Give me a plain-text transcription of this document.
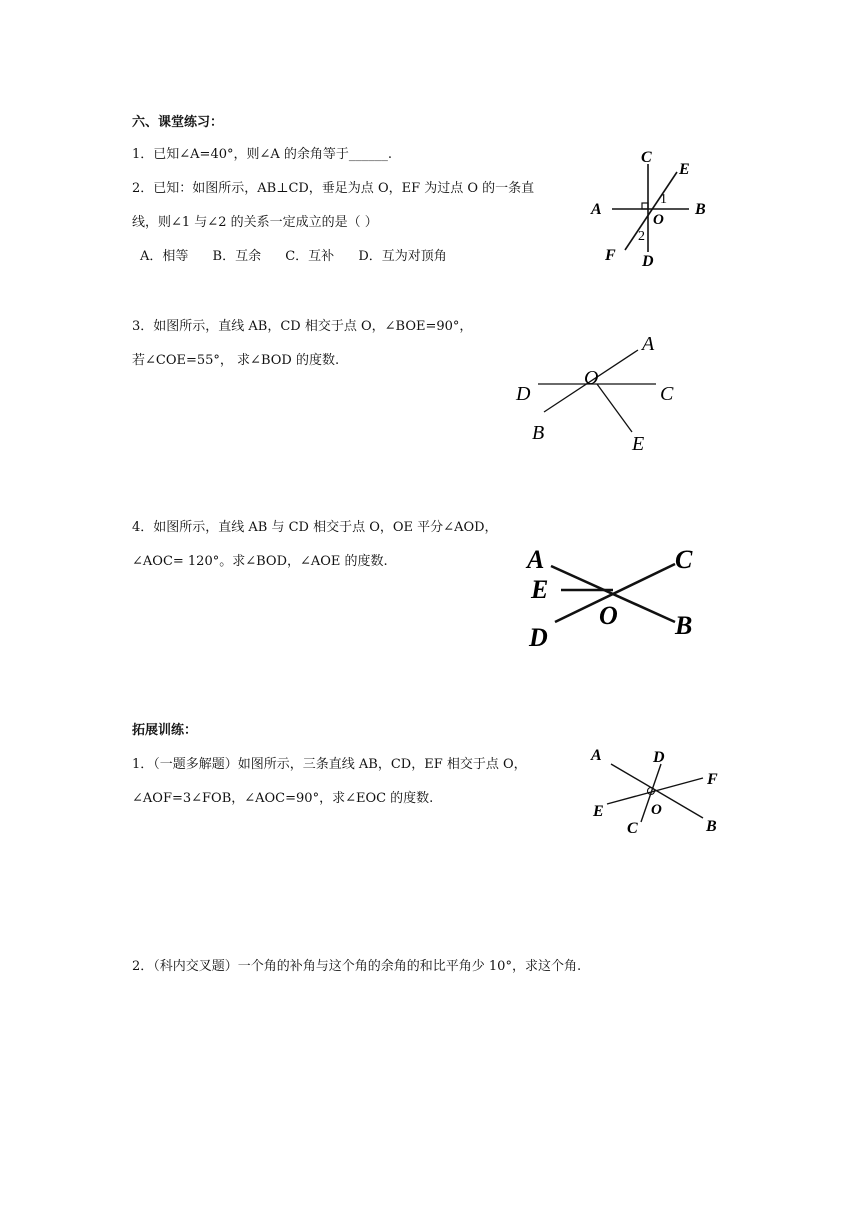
六、课堂练习：
1．已知∠A=40°，则∠A 的余角等于______.
2．已知：如图所示，AB⊥CD，垂足为点 O，EF 为过点 O 的一条直
线，则∠1 与∠2 的关系一定成立的是（ ）
A．相等 B．互余 C．互补 D．互为对顶角
3．如图所示，直线 AB，CD 相交于点 O，∠BOE=90°，
若∠COE=55°， 求∠BOD 的度数.
4．如图所示，直线 AB 与 CD 相交于点 O，OE 平分∠AOD，
∠AOC= 120°。求∠BOD，∠AOE 的度数.
拓展训练：
1．（一题多解题）如图所示，三条直线 AB，CD，EF 相交于点 O，
∠AOF=3∠FOB，∠AOC=90°，求∠EOC 的度数.
2．（科内交叉题）一个角的补角与这个角的余角的和比平角少 10°，求这个角.
C
E
A	B
O
1
2
F D
A
O
D	C
B	E
A	C
E
O B
D
A	D
F
O
E
C	B
